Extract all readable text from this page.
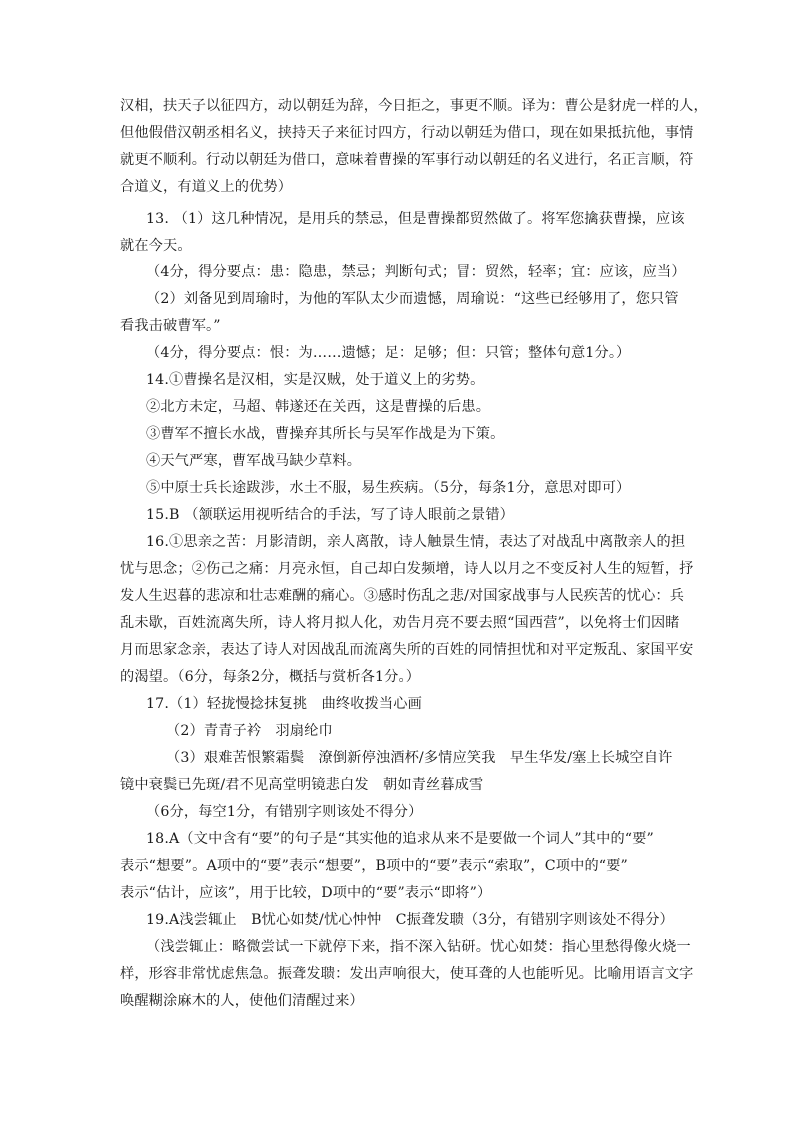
汉相，扶天子以征四方，动以朝廷为辞，今日拒之，事更不顺。译为：曹公是豺虎一样的人，
但他假借汉朝丞相名义，挟持天子来征讨四方，行动以朝廷为借口，现在如果抵抗他，事情
就更不顺利。行动以朝廷为借口，意味着曹操的军事行动以朝廷的名义进行，名正言顺，符
合道义，有道义上的优势）
13. （1）这几种情况，是用兵的禁忌，但是曹操都贸然做了。将军您擒获曹操，应该
就在今天。
（4分，得分要点：患：隐患，禁忌；判断句式；冒：贸然，轻率；宜：应该，应当）
（2）刘备见到周瑜时，为他的军队太少而遗憾，周瑜说：“这些已经够用了，您只管
看我击破曹军。”
（4分，得分要点：恨：为……遗憾；足：足够；但：只管；整体句意1分。）
14.①曹操名是汉相，实是汉贼，处于道义上的劣势。
②北方未定，马超、韩遂还在关西，这是曹操的后患。
③曹军不擅长水战，曹操弃其所长与吴军作战是为下策。
④天气严寒，曹军战马缺少草料。
⑤中原士兵长途跋涉，水土不服，易生疾病。（5分，每条1分，意思对即可）
15.B （颔联运用视听结合的手法，写了诗人眼前之景错）
16.①思亲之苦：月影清朗，亲人离散，诗人触景生情，表达了对战乱中离散亲人的担
忧与思念；②伤己之痛：月亮永恒，自己却白发频增，诗人以月之不变反衬人生的短暂，抒
发人生迟暮的悲凉和壮志难酬的痛心。③感时伤乱之悲/对国家战事与人民疾苦的忧心：兵
乱未歇，百姓流离失所，诗人将月拟人化，劝告月亮不要去照“国西营”，以免将士们因睹
月而思家念亲，表达了诗人对因战乱而流离失所的百姓的同情担忧和对平定叛乱、家国平安
的渴望。（6分，每条2分，概括与赏析各1分。）
17.（1）轻拢慢捻抹复挑　曲终收拨当心画
（2）青青子衿　羽扇纶巾
（3）艰难苦恨繁霜鬓　潦倒新停浊酒杯/多情应笑我　早生华发/塞上长城空自许
镜中衰鬓已先斑/君不见高堂明镜悲白发　朝如青丝暮成雪
（6分，每空1分，有错别字则该处不得分）
18.A（文中含有“要”的句子是“其实他的追求从来不是要做一个词人”其中的“要”
表示“想要”。A项中的“要”表示“想要”，B项中的“要”表示“索取”，C项中的“要”
表示“估计，应该”，用于比较，D项中的“要”表示“即将”）
19.A浅尝辄止　B忧心如焚/忧心忡忡　C振聋发聩（3分，有错别字则该处不得分）
（浅尝辄止：略微尝试一下就停下来，指不深入钻研。忧心如焚：指心里愁得像火烧一
样，形容非常忧虑焦急。振聋发聩：发出声响很大，使耳聋的人也能听见。比喻用语言文字
唤醒糊涂麻木的人，使他们清醒过来）
